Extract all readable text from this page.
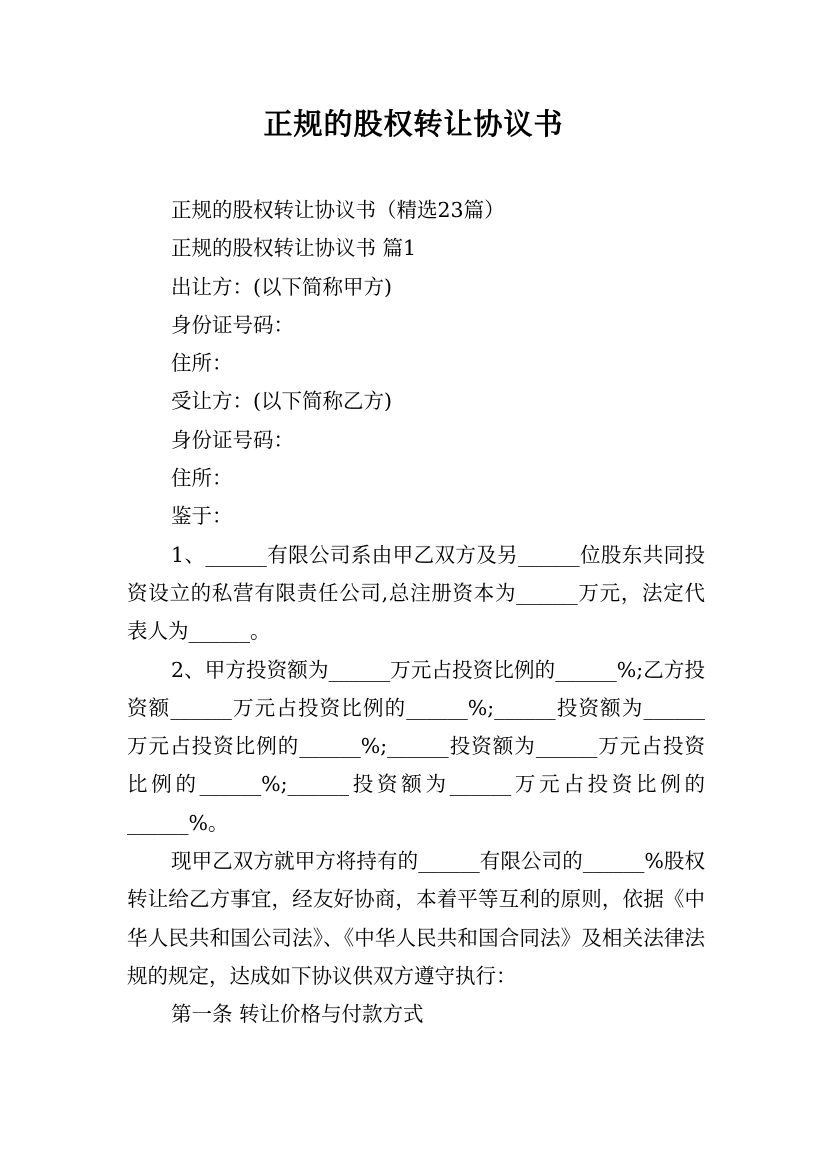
正规的股权转让协议书

正规的股权转让协议书（精选23篇）

正规的股权转让协议书 篇1

出让方：(以下简称甲方)

身份证号码：

住所：

受让方：(以下简称乙方)

身份证号码：

住所：

鉴于：

1、______有限公司系由甲乙双方及另______位股东共同投资设立的私营有限责任公司,总注册资本为______万元，法定代表人为______。

2、甲方投资额为______万元占投资比例的______%;乙方投资额______万元占投资比例的______%;______投资额为______万元占投资比例的______%;______投资额为______万元占投资比例的______%;______投资额为______万元占投资比例的______%。

现甲乙双方就甲方将持有的______有限公司的______%股权转让给乙方事宜，经友好协商，本着平等互利的原则，依据《中华人民共和国公司法》、《中华人民共和国合同法》及相关法律法规的规定，达成如下协议供双方遵守执行：

第一条 转让价格与付款方式
